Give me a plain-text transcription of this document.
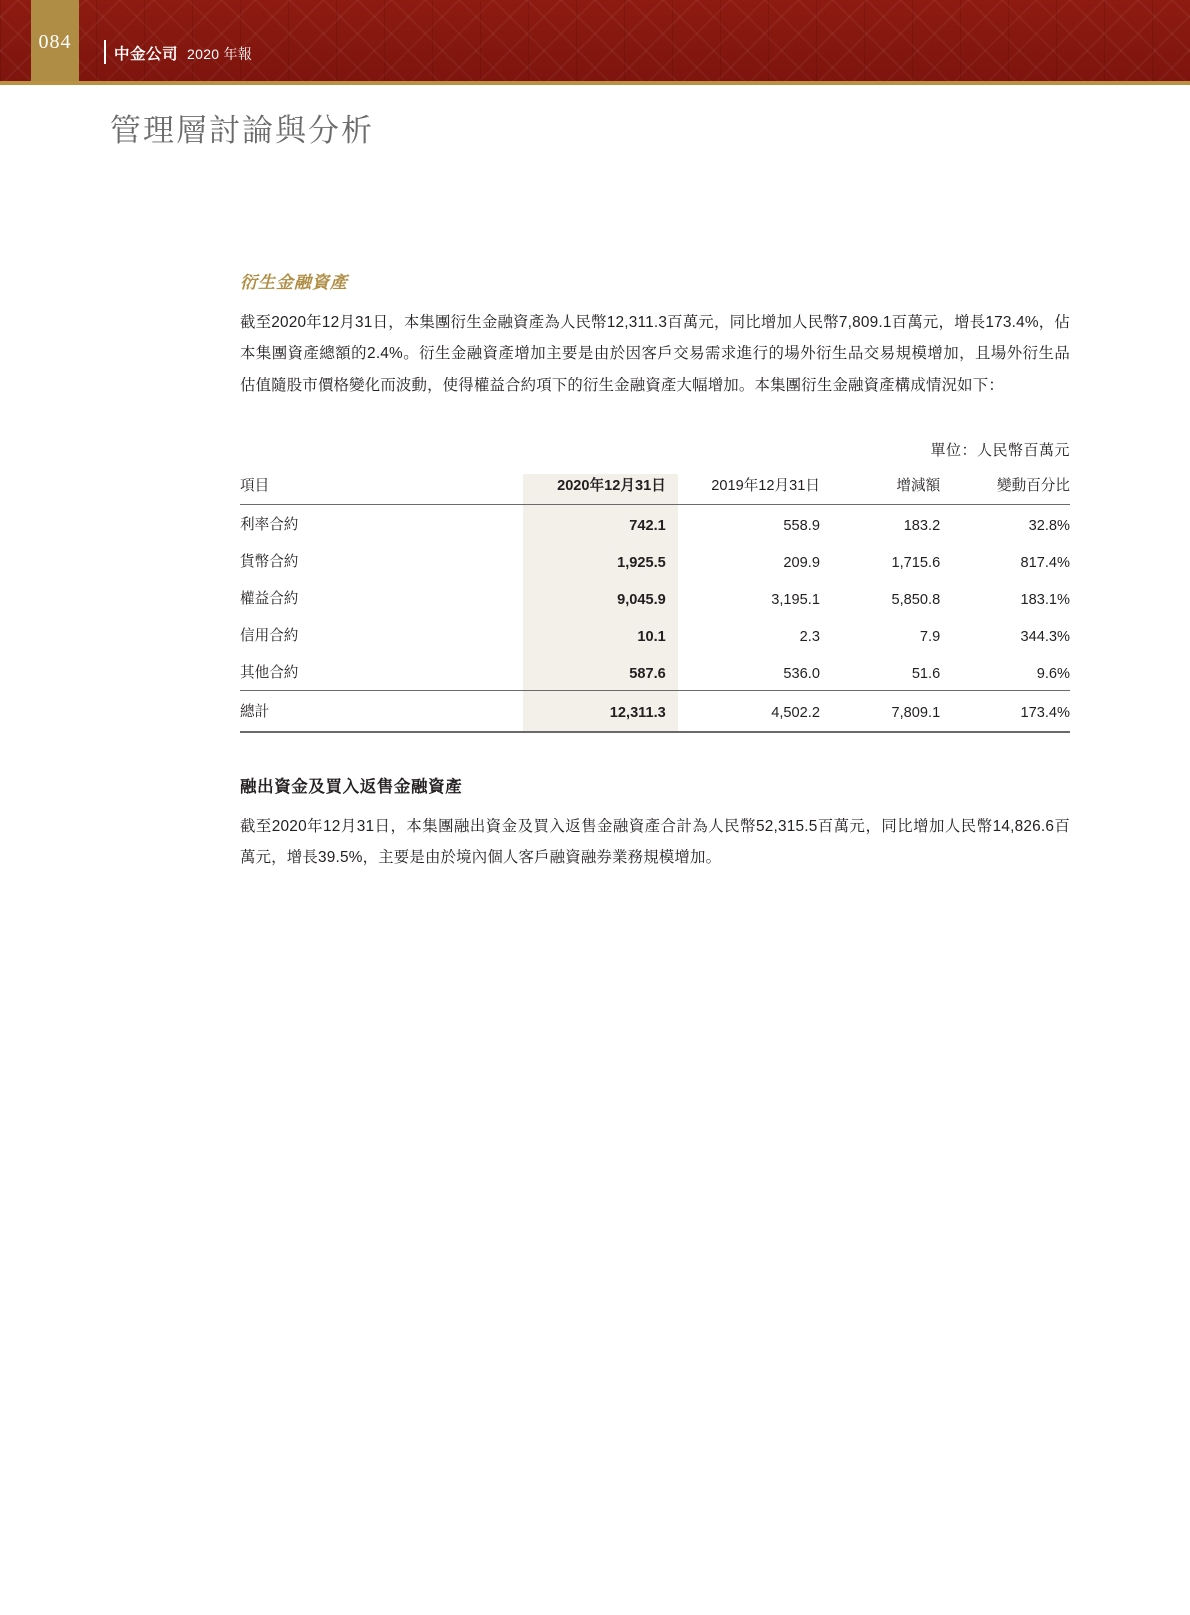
084
中金公司 2020 年報
管理層討論與分析
衍生金融資產
截至2020年12月31日，本集團衍生金融資產為人民幣12,311.3百萬元，同比增加人民幣7,809.1百萬元，增長173.4%，佔本集團資產總額的2.4%。衍生金融資產增加主要是由於因客戶交易需求進行的場外衍生品交易規模增加，且場外衍生品估值隨股市價格變化而波動，使得權益合約項下的衍生金融資產大幅增加。本集團衍生金融資產構成情況如下：
單位：人民幣百萬元
項目	2020年12月31日	2019年12月31日	增減額	變動百分比
利率合約	742.1	558.9	183.2	32.8%
貨幣合約	1,925.5	209.9	1,715.6	817.4%
權益合約	9,045.9	3,195.1	5,850.8	183.1%
信用合約	10.1	2.3	7.9	344.3%
其他合約	587.6	536.0	51.6	9.6%
總計	12,311.3	4,502.2	7,809.1	173.4%
融出資金及買入返售金融資產
截至2020年12月31日，本集團融出資金及買入返售金融資產合計為人民幣52,315.5百萬元，同比增加人民幣14,826.6百萬元，增長39.5%，主要是由於境內個人客戶融資融券業務規模增加。
